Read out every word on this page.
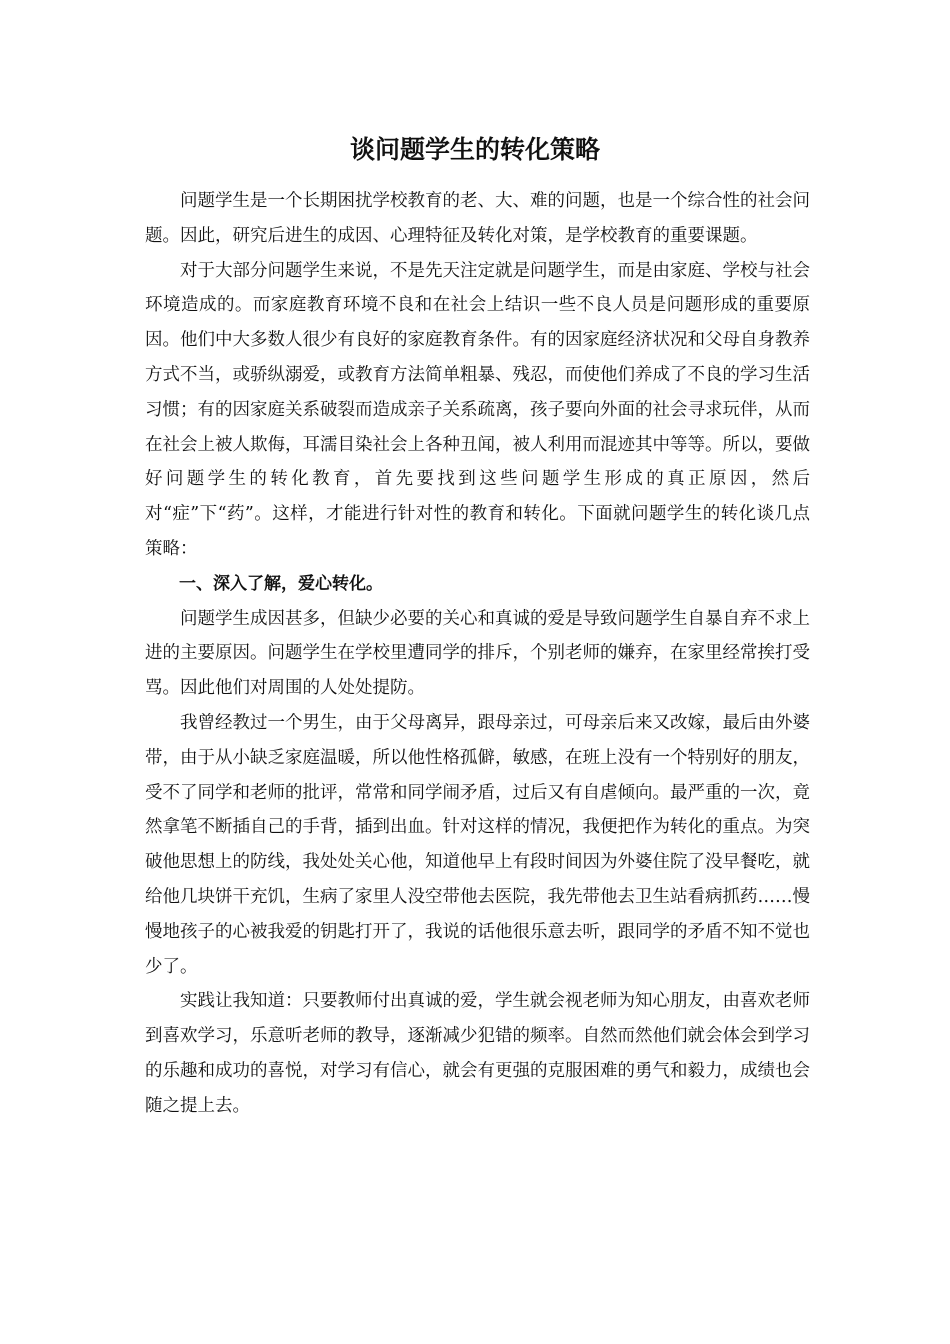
谈问题学生的转化策略

问题学生是一个长期困扰学校教育的老、大、难的问题，也是一个综合性的社会问题。因此，研究后进生的成因、心理特征及转化对策，是学校教育的重要课题。

对于大部分问题学生来说，不是先天注定就是问题学生，而是由家庭、学校与社会环境造成的。而家庭教育环境不良和在社会上结识一些不良人员是问题形成的重要原因。他们中大多数人很少有良好的家庭教育条件。有的因家庭经济状况和父母自身教养方式不当，或骄纵溺爱，或教育方法简单粗暴、残忍，而使他们养成了不良的学习生活习惯；有的因家庭关系破裂而造成亲子关系疏离，孩子要向外面的社会寻求玩伴，从而在社会上被人欺侮，耳濡目染社会上各种丑闻，被人利用而混迹其中等等。所以，要做好问题学生的转化教育，首先要找到这些问题学生形成的真正原因，然后对“症”下“药”。这样，才能进行针对性的教育和转化。下面就问题学生的转化谈几点策略：

一、深入了解，爱心转化。

问题学生成因甚多，但缺少必要的关心和真诚的爱是导致问题学生自暴自弃不求上进的主要原因。问题学生在学校里遭同学的排斥，个别老师的嫌弃，在家里经常挨打受骂。因此他们对周围的人处处提防。

我曾经教过一个男生，由于父母离异，跟母亲过，可母亲后来又改嫁，最后由外婆带，由于从小缺乏家庭温暖，所以他性格孤僻，敏感，在班上没有一个特别好的朋友，受不了同学和老师的批评，常常和同学闹矛盾，过后又有自虐倾向。最严重的一次，竟然拿笔不断插自己的手背，插到出血。针对这样的情况，我便把作为转化的重点。为突破他思想上的防线，我处处关心他，知道他早上有段时间因为外婆住院了没早餐吃，就给他几块饼干充饥，生病了家里人没空带他去医院，我先带他去卫生站看病抓药……慢慢地孩子的心被我爱的钥匙打开了，我说的话他很乐意去听，跟同学的矛盾不知不觉也少了。

实践让我知道：只要教师付出真诚的爱，学生就会视老师为知心朋友，由喜欢老师到喜欢学习，乐意听老师的教导，逐渐减少犯错的频率。自然而然他们就会体会到学习的乐趣和成功的喜悦，对学习有信心，就会有更强的克服困难的勇气和毅力，成绩也会随之提上去。
